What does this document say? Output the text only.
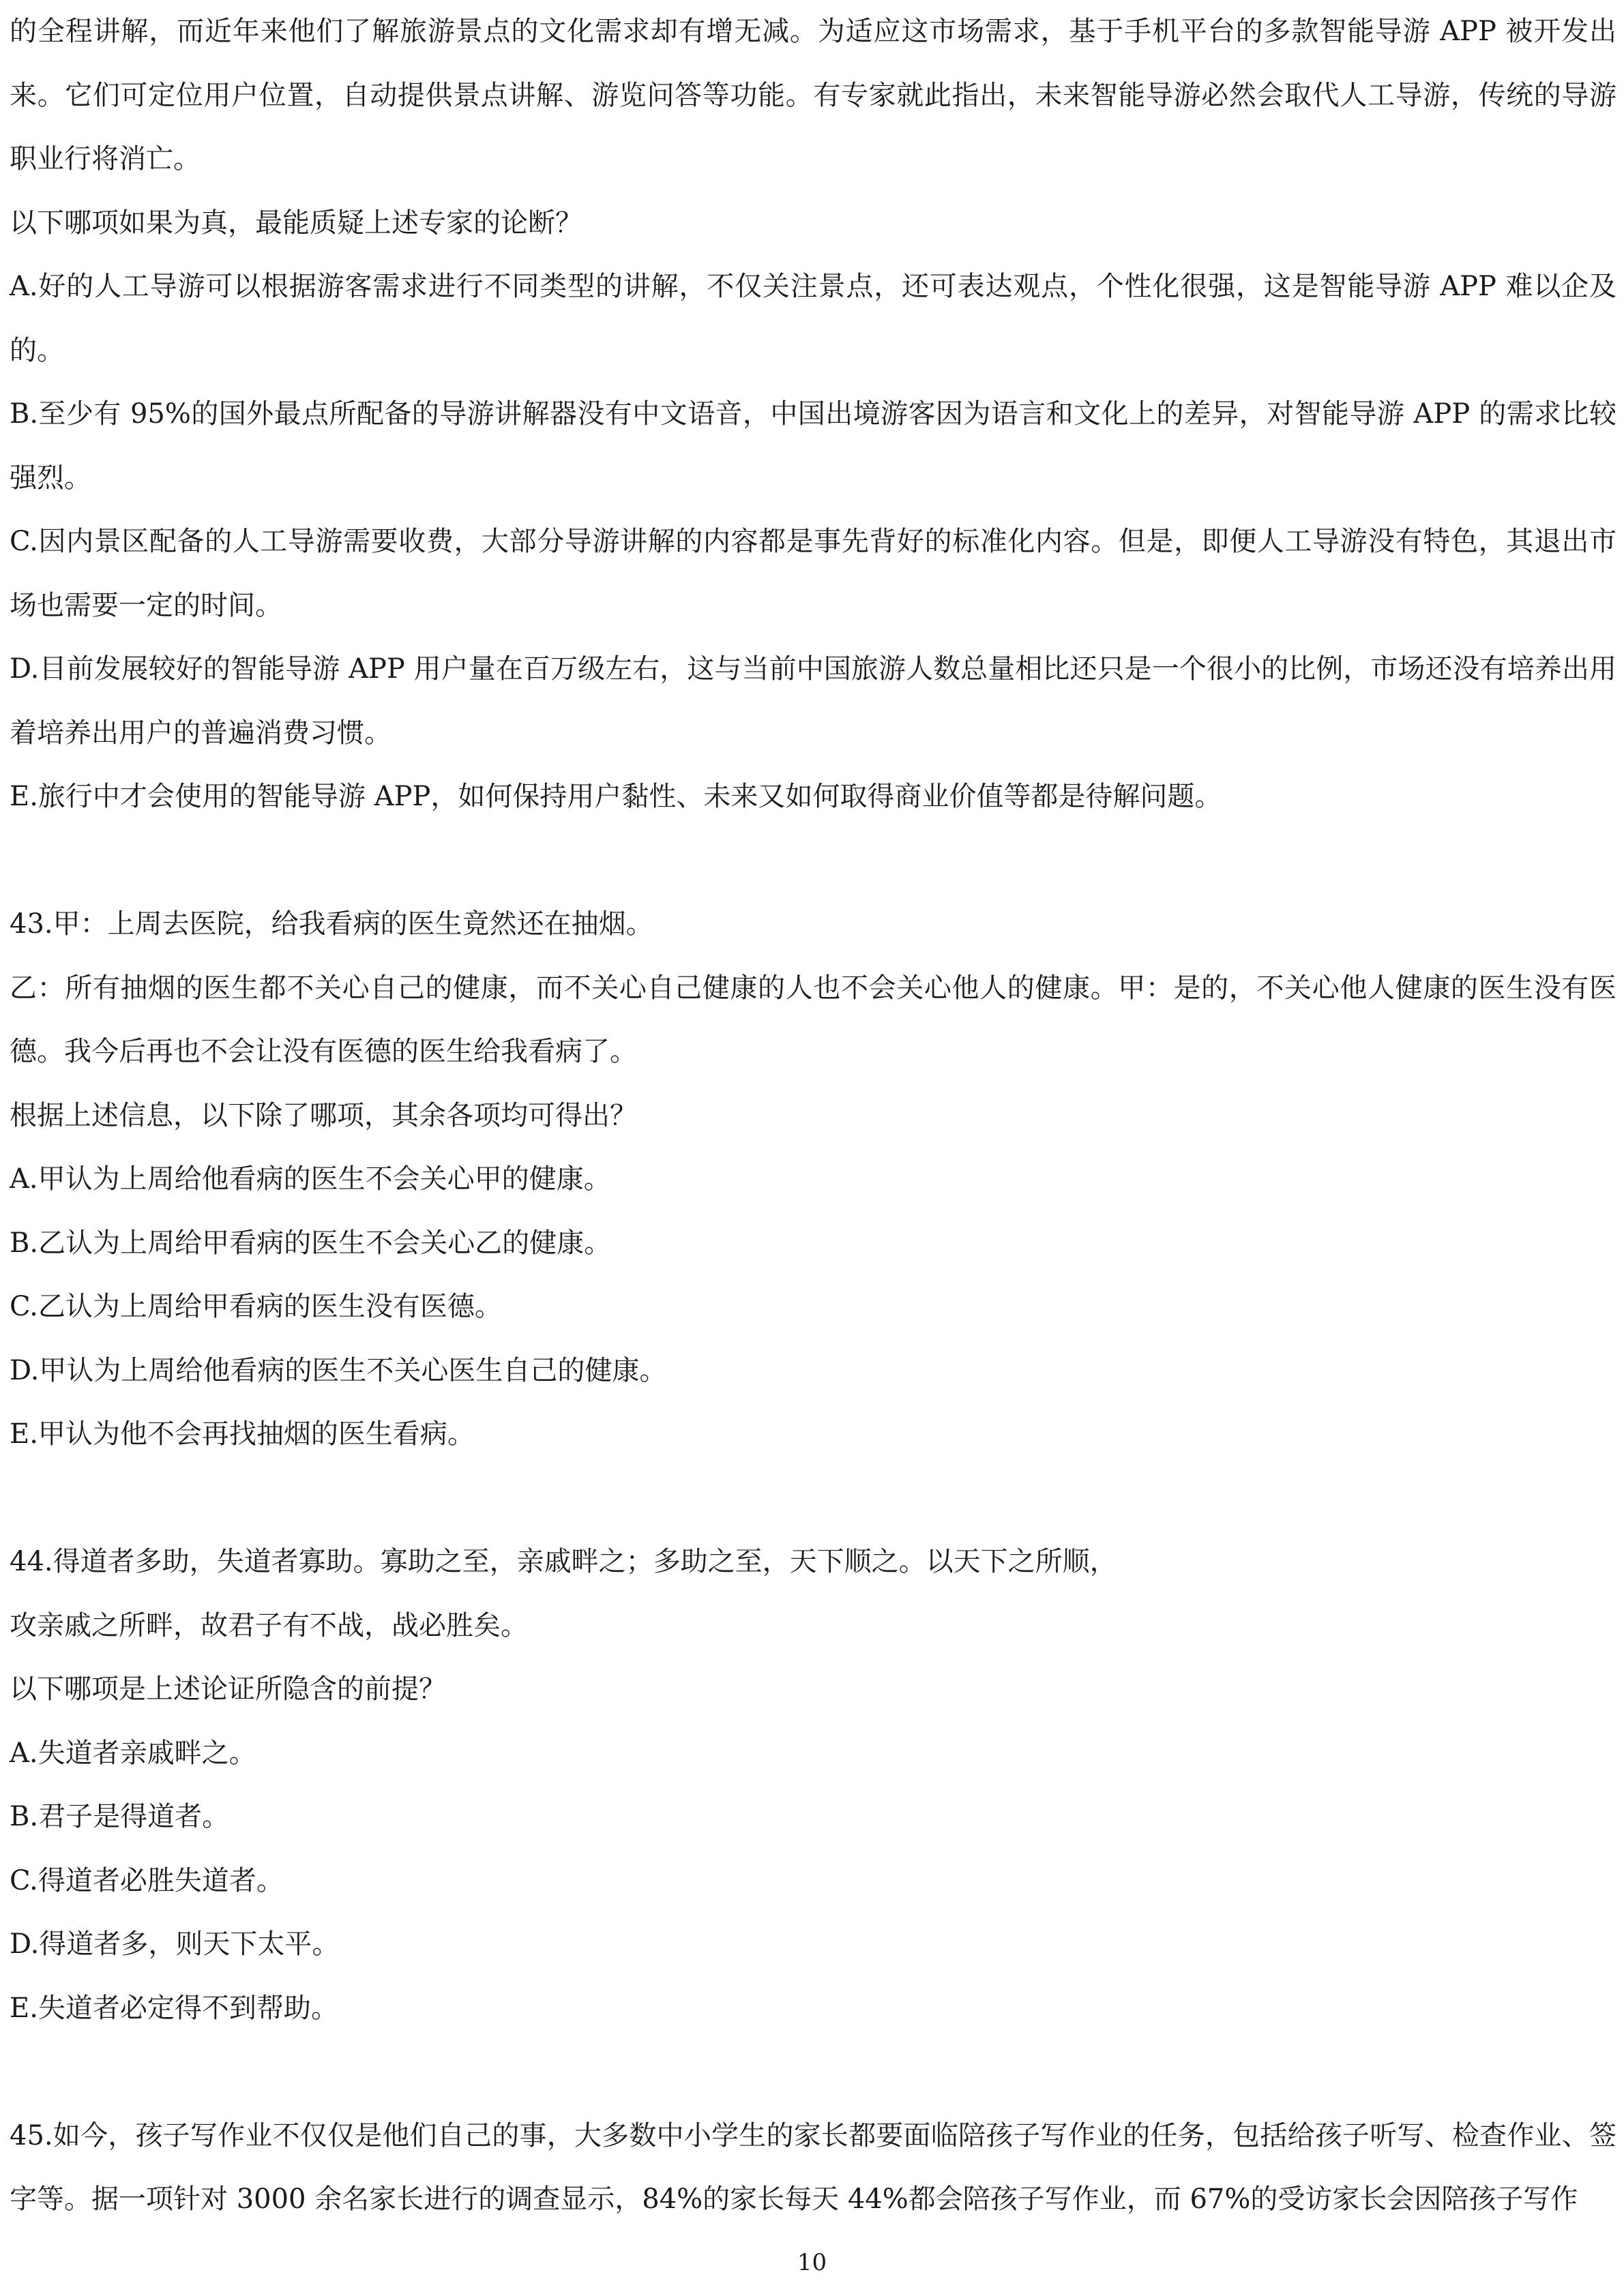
的全程讲解，而近年来他们了解旅游景点的文化需求却有增无减。为适应这市场需求，基于手机平台的多款智能导游 APP 被开发出来。它们可定位用户位置，自动提供景点讲解、游览问答等功能。有专家就此指出，未来智能导游必然会取代人工导游，传统的导游职业行将消亡。

以下哪项如果为真，最能质疑上述专家的论断？

A.好的人工导游可以根据游客需求进行不同类型的讲解，不仅关注景点，还可表达观点，个性化很强，这是智能导游 APP 难以企及的。

B.至少有 95%的国外最点所配备的导游讲解器没有中文语音，中国出境游客因为语言和文化上的差异，对智能导游 APP 的需求比较强烈。

C.因内景区配备的人工导游需要收费，大部分导游讲解的内容都是事先背好的标准化内容。但是，即便人工导游没有特色，其退出市场也需要一定的时间。

D.目前发展较好的智能导游 APP 用户量在百万级左右，这与当前中国旅游人数总量相比还只是一个很小的比例，市场还没有培养出用着培养出用户的普遍消费习惯。

E.旅行中才会使用的智能导游 APP，如何保持用户黏性、未来又如何取得商业价值等都是待解问题。

43.甲：上周去医院，给我看病的医生竟然还在抽烟。

乙：所有抽烟的医生都不关心自己的健康，而不关心自己健康的人也不会关心他人的健康。甲：是的，不关心他人健康的医生没有医德。我今后再也不会让没有医德的医生给我看病了。

根据上述信息，以下除了哪项，其余各项均可得出？

A.甲认为上周给他看病的医生不会关心甲的健康。

B.乙认为上周给甲看病的医生不会关心乙的健康。

C.乙认为上周给甲看病的医生没有医德。

D.甲认为上周给他看病的医生不关心医生自己的健康。

E.甲认为他不会再找抽烟的医生看病。

44.得道者多助，失道者寡助。寡助之至，亲戚畔之；多助之至，天下顺之。以天下之所顺，

攻亲戚之所畔，故君子有不战，战必胜矣。

以下哪项是上述论证所隐含的前提？

A.失道者亲戚畔之。

B.君子是得道者。

C.得道者必胜失道者。

D.得道者多，则天下太平。

E.失道者必定得不到帮助。

45.如今，孩子写作业不仅仅是他们自己的事，大多数中小学生的家长都要面临陪孩子写作业的任务，包括给孩子听写、检查作业、签字等。据一项针对 3000 余名家长进行的调查显示，84%的家长每天 44%都会陪孩子写作业，而 67%的受访家长会因陪孩子写作

10
